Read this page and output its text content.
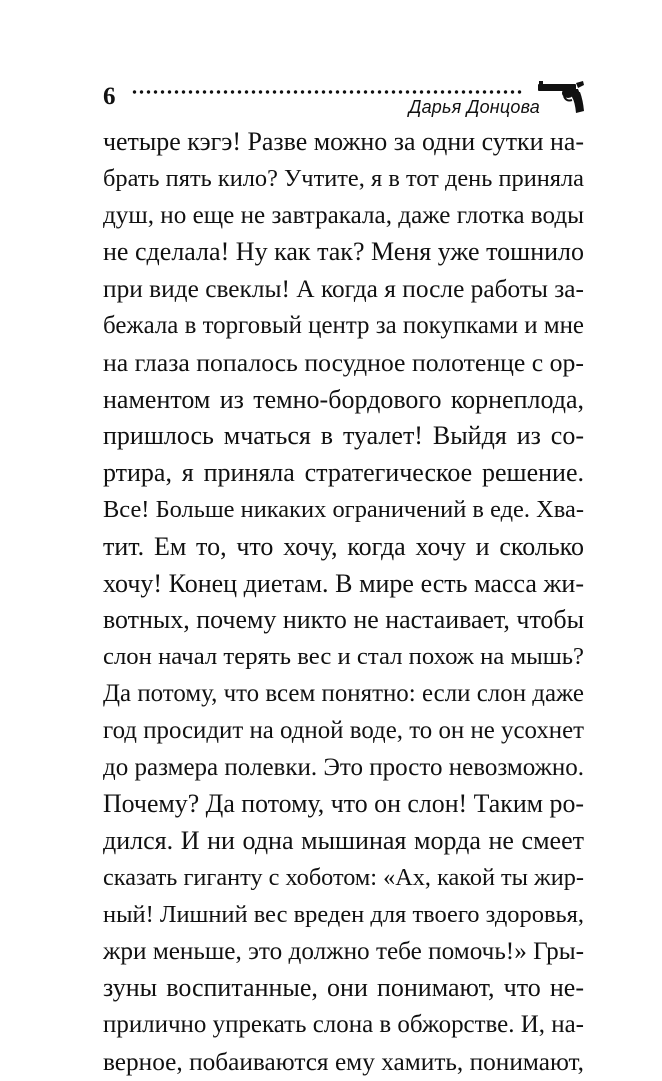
6	Дарья Донцова
четыре кэгэ! Разве можно за одни сутки на-
брать пять кило? Учтите, я в тот день приняла
душ, но еще не завтракала, даже глотка воды
не сделала! Ну как так? Меня уже тошнило
при виде свеклы! А когда я после работы за-
бежала в торговый центр за покупками и мне
на глаза попалось посудное полотенце с ор-
наментом из темно-бордового корнеплода,
пришлось мчаться в туалет! Выйдя из со-
ртира, я приняла стратегическое решение.
Все! Больше никаких ограничений в еде. Хва-
тит. Ем то, что хочу, когда хочу и сколько
хочу! Конец диетам. В мире есть масса жи-
вотных, почему никто не настаивает, чтобы
слон начал терять вес и стал похож на мышь?
Да потому, что всем понятно: если слон даже
год просидит на одной воде, то он не усохнет
до размера полевки. Это просто невозможно.
Почему? Да потому, что он слон! Таким ро-
дился. И ни одна мышиная морда не смеет
сказать гиганту с хоботом: «Ах, какой ты жир-
ный! Лишний вес вреден для твоего здоровья,
жри меньше, это должно тебе помочь!» Гры-
зуны воспитанные, они понимают, что не-
прилично упрекать слона в обжорстве. И, на-
верное, побаиваются ему хамить, понимают,
